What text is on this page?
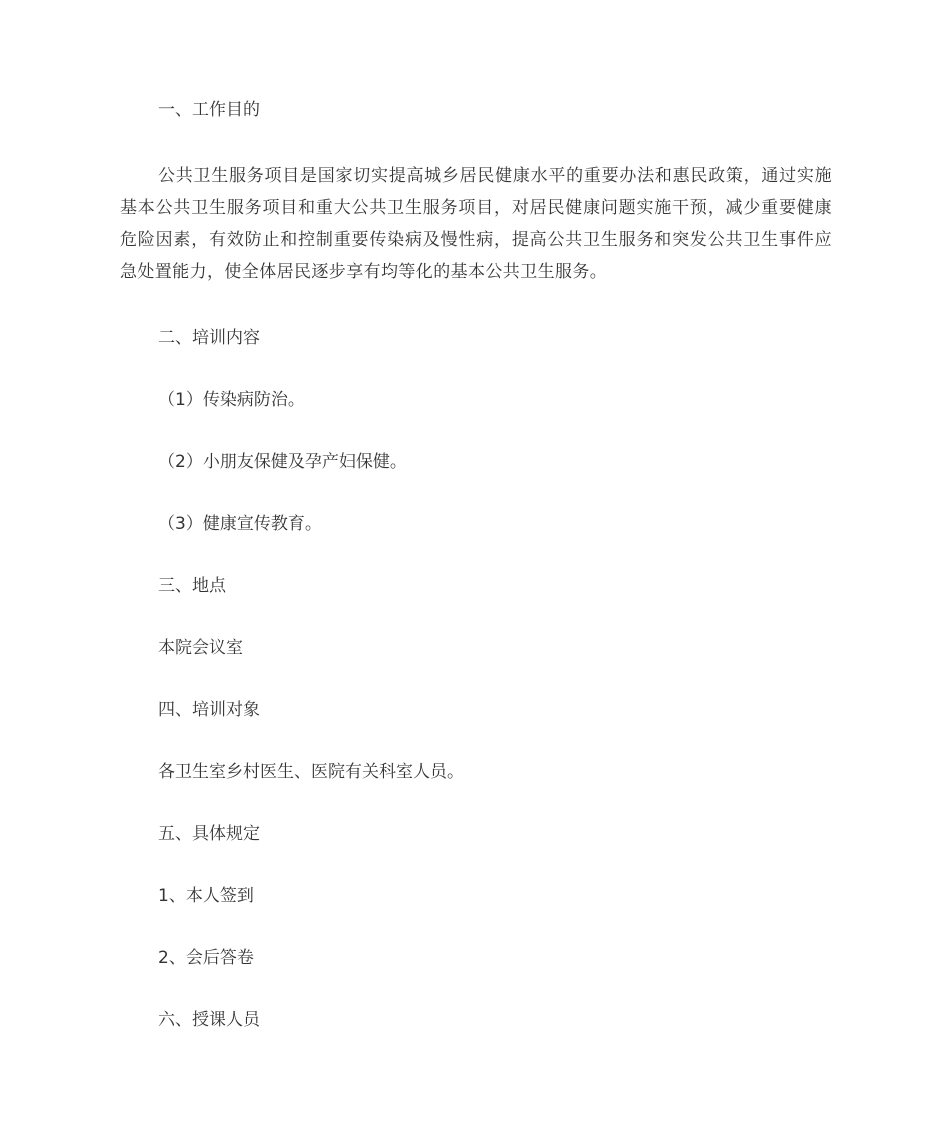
一、工作目的

公共卫生服务项目是国家切实提高城乡居民健康水平的重要办法和惠民政策，通过实施基本公共卫生服务项目和重大公共卫生服务项目，对居民健康问题实施干预，减少重要健康危险因素，有效防止和控制重要传染病及慢性病，提高公共卫生服务和突发公共卫生事件应急处置能力，使全体居民逐步享有均等化的基本公共卫生服务。

二、培训内容

（1）传染病防治。

（2）小朋友保健及孕产妇保健。

（3）健康宣传教育。

三、地点

本院会议室

四、培训对象

各卫生室乡村医生、医院有关科室人员。

五、具体规定

1、本人签到

2、会后答卷

六、授课人员
